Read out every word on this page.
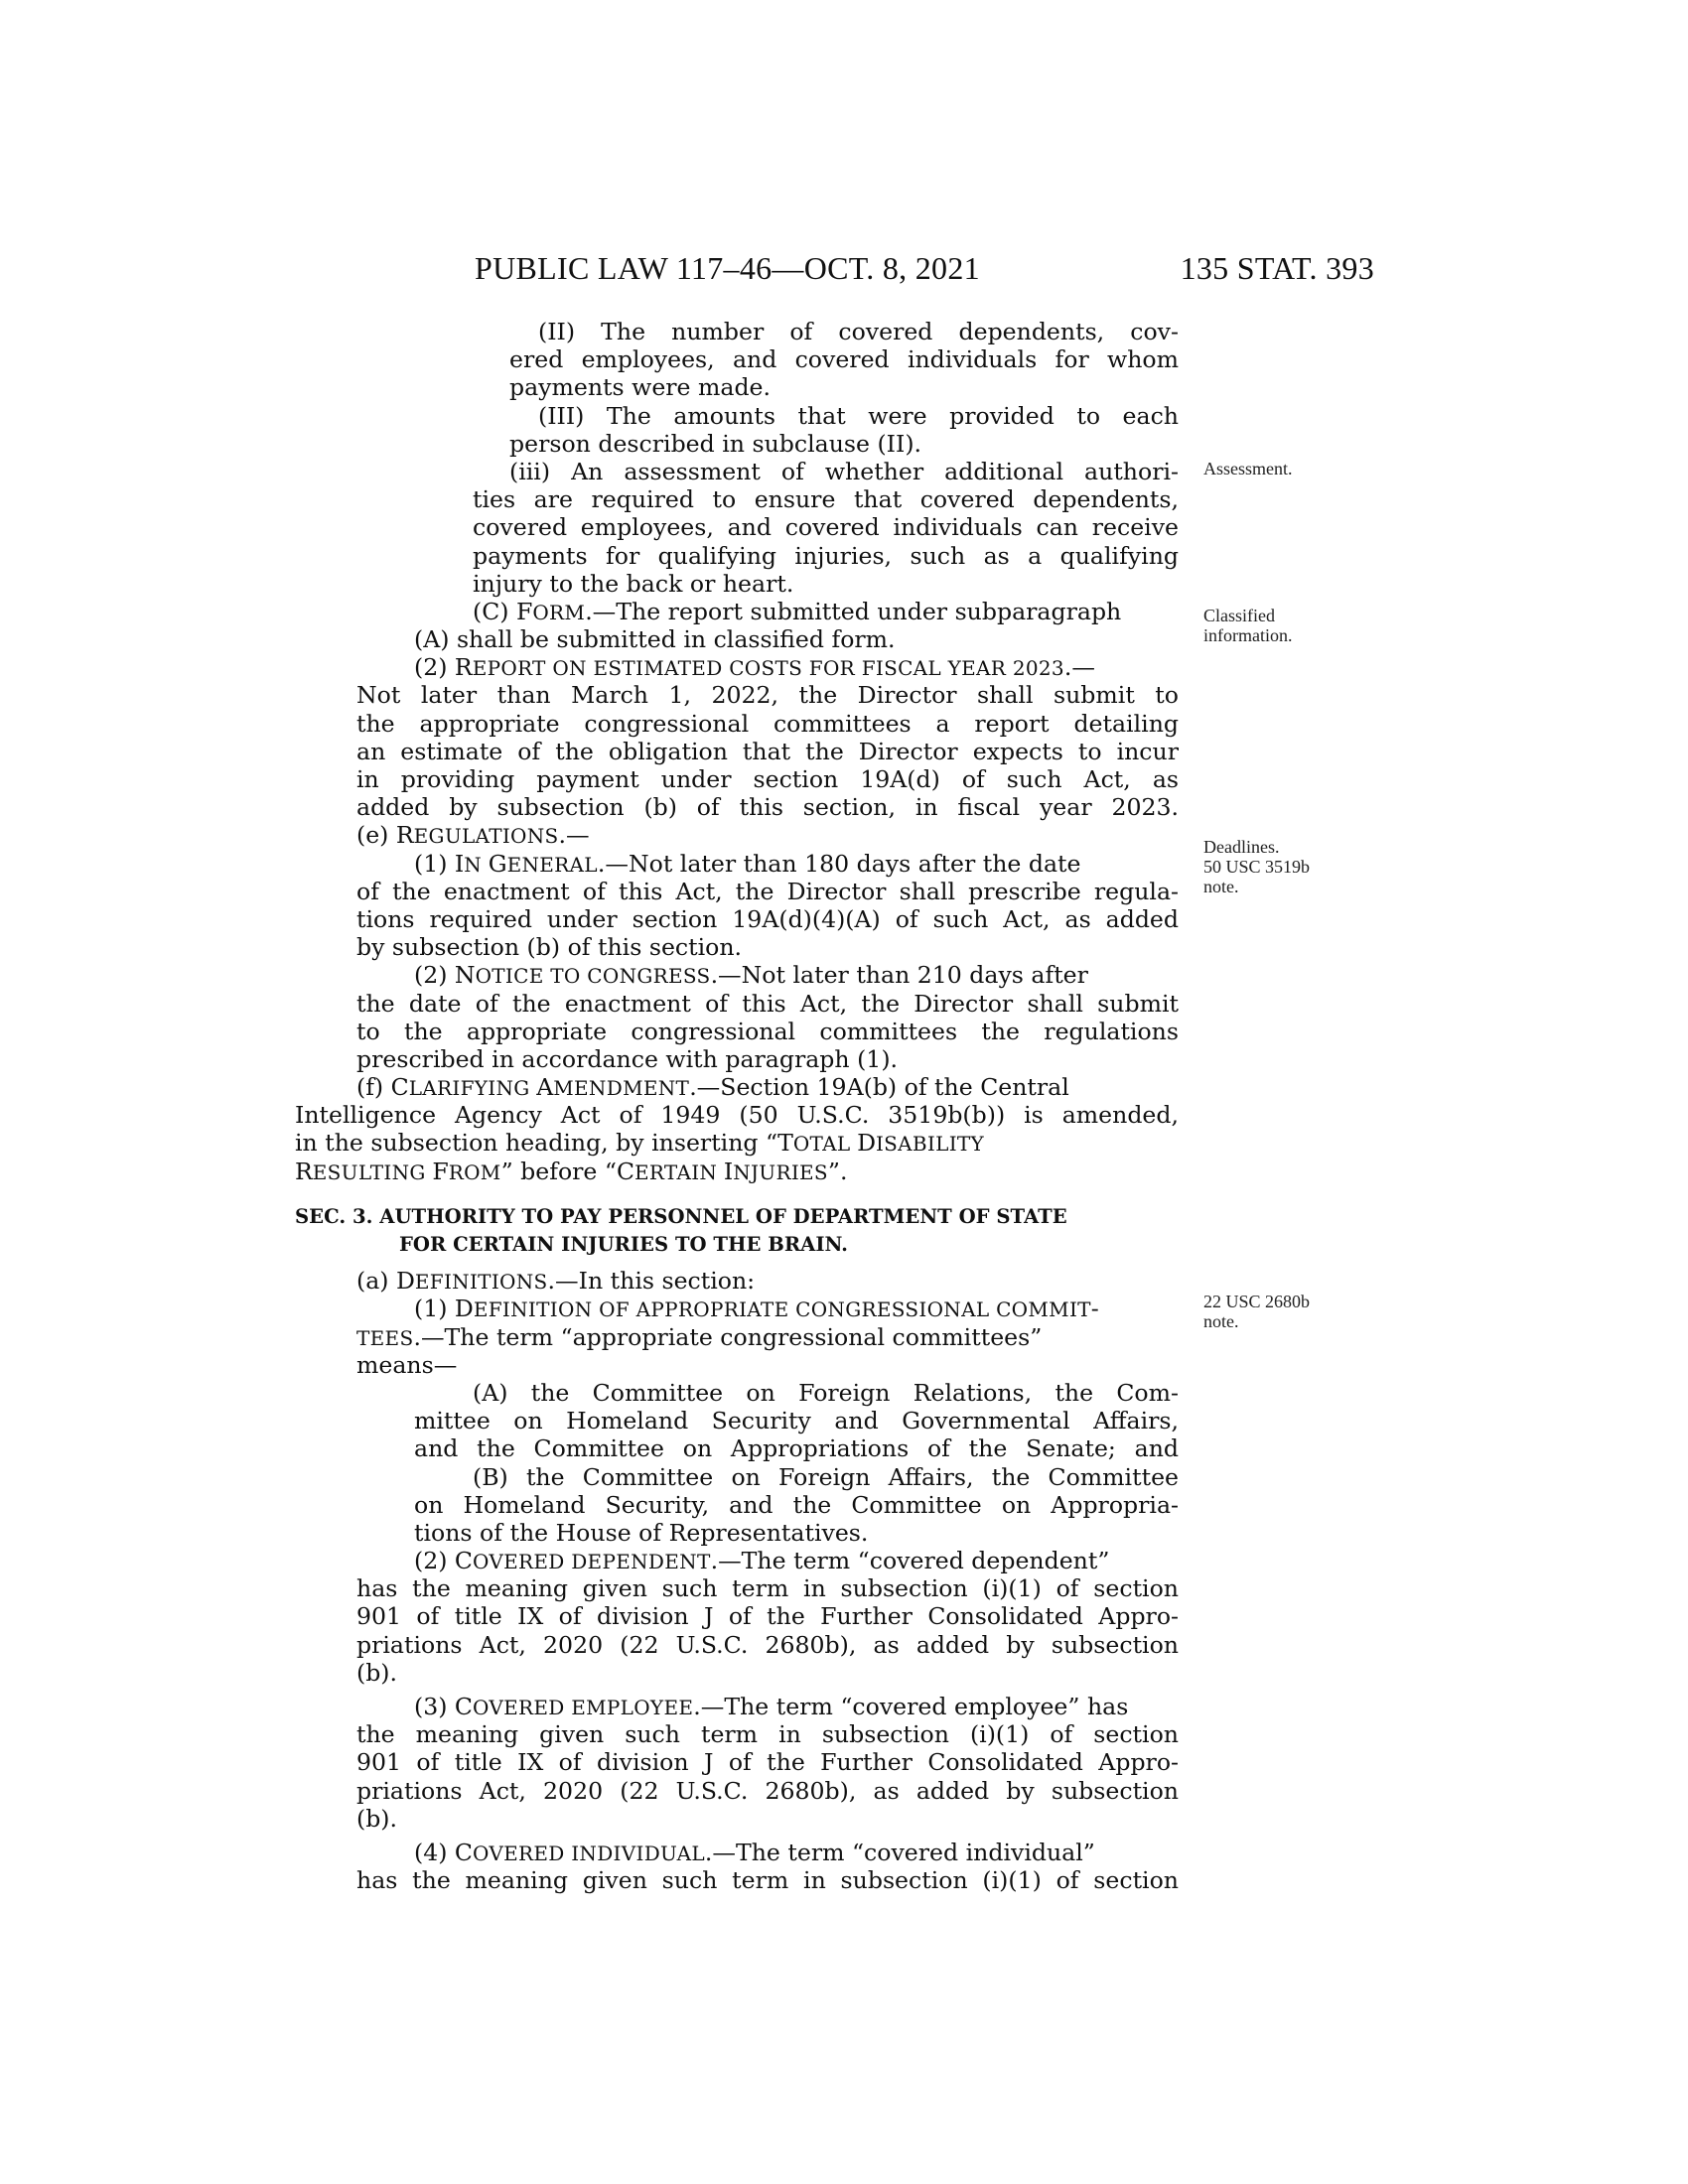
PUBLIC LAW 117–46—OCT. 8, 2021	135 STAT. 393
(II) The number of covered dependents, cov-
ered employees, and covered individuals for whom
payments were made.
(III) The amounts that were provided to each
person described in subclause (II).
(iii) An assessment of whether additional authori-
ties are required to ensure that covered dependents,
covered employees, and covered individuals can receive
payments for qualifying injuries, such as a qualifying
injury to the back or heart.
(C) FORM.—The report submitted under subparagraph
(A) shall be submitted in classified form.
(2) REPORT ON ESTIMATED COSTS FOR FISCAL YEAR 2023.—
Not later than March 1, 2022, the Director shall submit to
the appropriate congressional committees a report detailing
an estimate of the obligation that the Director expects to incur
in providing payment under section 19A(d) of such Act, as
added by subsection (b) of this section, in fiscal year 2023.
(e) REGULATIONS.—
(1) IN GENERAL.—Not later than 180 days after the date
of the enactment of this Act, the Director shall prescribe regula-
tions required under section 19A(d)(4)(A) of such Act, as added
by subsection (b) of this section.
(2) NOTICE TO CONGRESS.—Not later than 210 days after
the date of the enactment of this Act, the Director shall submit
to the appropriate congressional committees the regulations
prescribed in accordance with paragraph (1).
(f) CLARIFYING AMENDMENT.—Section 19A(b) of the Central
Intelligence Agency Act of 1949 (50 U.S.C. 3519b(b)) is amended,
in the subsection heading, by inserting “TOTAL DISABILITY
RESULTING FROM” before “CERTAIN INJURIES”.
SEC. 3. AUTHORITY TO PAY PERSONNEL OF DEPARTMENT OF STATE
FOR CERTAIN INJURIES TO THE BRAIN.
(a) DEFINITIONS.—In this section:
(1) DEFINITION OF APPROPRIATE CONGRESSIONAL COMMIT-
TEES.—The term “appropriate congressional committees”
means—
(A) the Committee on Foreign Relations, the Com-
mittee on Homeland Security and Governmental Affairs,
and the Committee on Appropriations of the Senate; and
(B) the Committee on Foreign Affairs, the Committee
on Homeland Security, and the Committee on Appropria-
tions of the House of Representatives.
(2) COVERED DEPENDENT.—The term “covered dependent”
has the meaning given such term in subsection (i)(1) of section
901 of title IX of division J of the Further Consolidated Appro-
priations Act, 2020 (22 U.S.C. 2680b), as added by subsection
(b).
(3) COVERED EMPLOYEE.—The term “covered employee” has
the meaning given such term in subsection (i)(1) of section
901 of title IX of division J of the Further Consolidated Appro-
priations Act, 2020 (22 U.S.C. 2680b), as added by subsection
(b).
(4) COVERED INDIVIDUAL.—The term “covered individual”
has the meaning given such term in subsection (i)(1) of section
Assessment.
Classified
information.
Deadlines.
50 USC 3519b
note.
22 USC 2680b
note.
